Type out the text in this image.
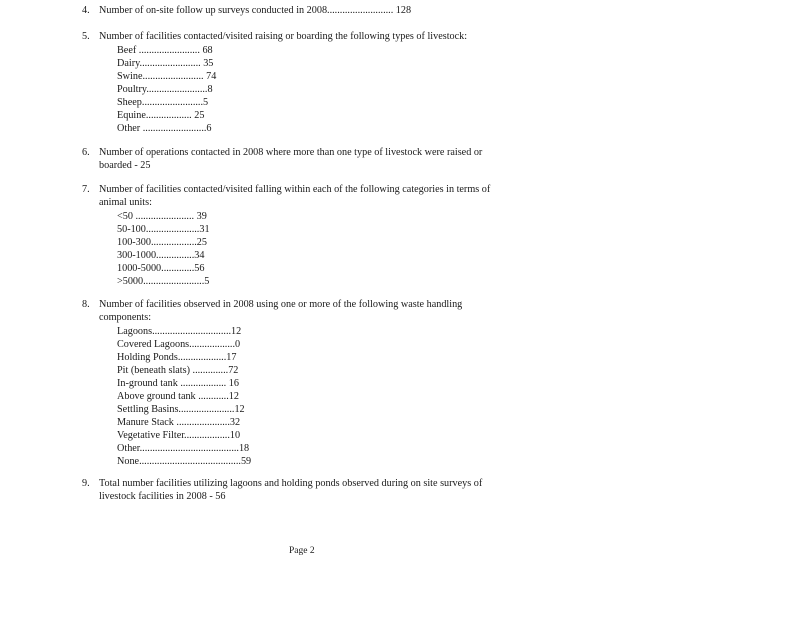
4. Number of on-site follow up surveys conducted in 2008.......................... 128
5. Number of facilities contacted/visited raising or boarding the following types of livestock:
Beef ........................ 68
Dairy........................ 35
Swine........................ 74
Poultry........................8
Sheep........................5
Equine.................. 25
Other .........................6
6. Number of operations contacted in 2008 where more than one type of livestock were raised or
boarded - 25
7. Number of facilities contacted/visited falling within each of the following categories in terms of
animal units:
<50 ....................... 39
50-100.....................31
100-300..................25
300-1000...............34
1000-5000.............56
>5000........................5
8. Number of facilities observed in 2008 using one or more of the following waste handling
components:
Lagoons...............................12
Covered Lagoons..................0
Holding Ponds...................17
Pit (beneath slats) ..............72
In-ground tank .................. 16
Above ground tank ............12
Settling Basins......................12
Manure Stack .....................32
Vegetative Filter..................10
Other.......................................18
None........................................59
9. Total number facilities utilizing lagoons and holding ponds observed during on site surveys of
livestock facilities in 2008 - 56
Page 2
